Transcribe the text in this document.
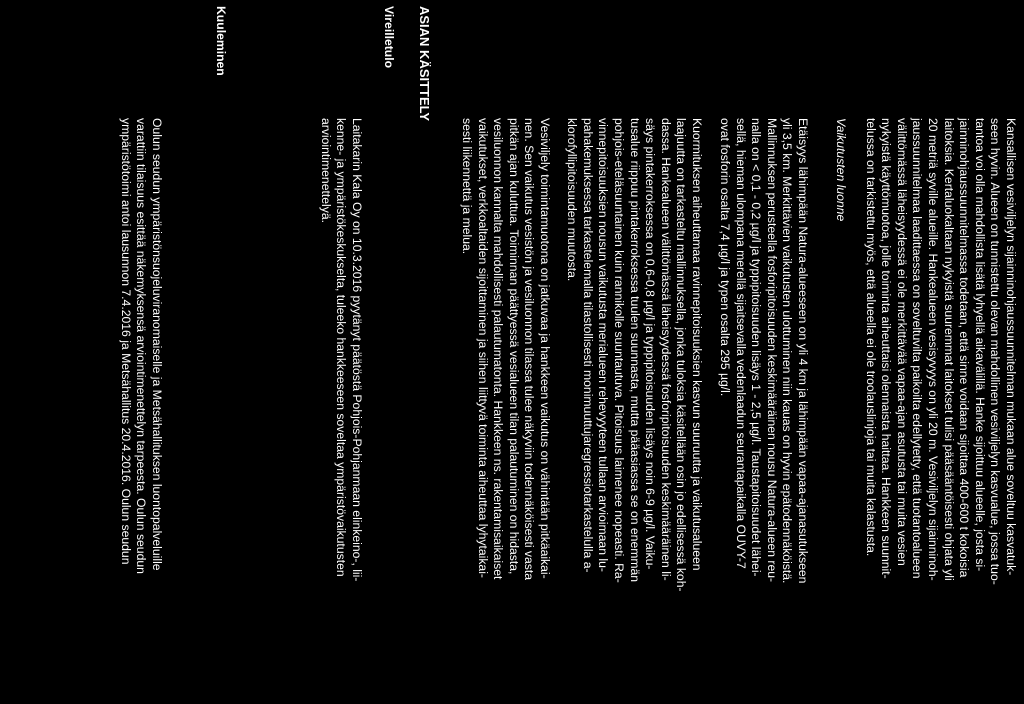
Kansallisen vesiviljelyn sijainninohjaussuunnitelman mukaan alue soveltuu kasvatuk-

seen hyvin. Alueen on tunnistettu olevan mahdollinen vesiviljelyn kasvualue, jossa tuo-

tantoa voi olla mahdollista lisätä lyhyellä aikavälillä. Hanke sijoittuu alueelle, josta si-

jainninohjaussuunnitelmassa todetaan, että sinne voidaan sijoittaa 400-600 t kokoisia

laitoksia. Kertaluokaltaan nykyistä suuremmat laitokset tulisi pääsääntöisesti ohjata yli

20 metriä syville alueille. Hankealueen vesisyvyys on yli 20 m. Vesiviljelyn sijainninoh-

jaussuunnitelmaa laadittaessa on soveltuvilta paikoilta edellytetty, että tuotantoalueen

välittömässä läheisyydessä ei ole merkittävää vapaa-ajan asutusta tai muita vesien

nykyistä käyttömuotoa, jolle toiminta aiheuttaisi olennaista haittaa. Hankkeen suunnit-

telussa on tarkistettu myös, että alueella ei ole troolauslinjoja tai muita kalastusta.

Vaikutusten luonne

Etäisyys lähimpään Natura-alueeseen on yli 4 km ja lähimpään vapaa-ajanasutukseen

yli 3,5 km. Merkittävien vaikutusten ulottuminen niin kauas on hyvin epätodennäköistä.

Mallinnuksen perusteella fosforipitoisuuden keskimääräinen nousu Natura-alueen reu-

nalla on < 0,1 - 0,2 µg/l ja typpipitoisuuden lisäys 1 - 2,5 µg/l. Taustapitoisuudet lähei-

sellä, hieman ulompana merellä sijaitsevalla vedenlaadun seurantapaikalla OUVY-7

ovat fosforin osalta 7,4 µg/l ja typen osalta 295 µg/l.

Kuormituksen aiheuttamaa ravinnepitoisuuksien kasvun suuruutta ja vaikutusalueen

laajuutta on tarkasteltu mallinnuksella, jonka tuloksia käsitellään osin jo edellisessä koh-

dassa. Hankealueen välittömässä läheisyydessä fosforipitoisuuden keskimääräinen li-

säys pintakerroksessa on 0,6-0,8 µg/l ja typpipitoisuuden lisäys noin 6-9 µg/l. Vaiku-

tusalue riippuu pintakerroksessa tuulen suunnasta, mutta pääasiassa se on enemmän

pohjois-eteläsuuntainen kuin rannikolle suuntautuva. Pitoisuus laimenee nopeasti. Ra-

vinnepitoisuuksien nousun vaikutusta merialueen rehevyyteen tullaan arvioimaan lu-

pahakemuksessa tarkastelemalla tilastollisesti monimuuttujaregressiotarkastelulla a-

klorofyllipitoisuuden muutosta.

Vesiviljely toimintamuotona on jatkuvaa ja hankkeen vaikutus on vähintään pitkäaikai-

nen. Sen vaikutus vesistön ja vesiluonnon tilassa tulee näkyviin todennäköisesti vasta

pitkän ajan kuluttua. Toiminnan päättyessä vesialueen tilan palautuminen on hidasta,

vesiluonnon kannalta mahdollisesti palautumatonta. Hankkeen ns. rakentamisaikaiset

vaikutukset, verkkoaltaiden sijoittaminen ja siihen liittyvä toiminta aiheuttaa lyhytaikai-

sesti liikennettä ja melua.

ASIAN KÄSITTELY
Vireilletulo

Laitakarin Kala Oy on 10.3.2016 pyytänyt päätöstä Pohjois-Pohjanmaan elinkeino-, lii-

kenne- ja ympäristökeskukselta, tuleeko hankkeeseen soveltaa ympäristövaikutusten

arviointimenettelyä.

Kuuleminen

Oulun seudun ympäristönsuojeluviranomaiselle ja Metsähallituksen luontopalveluille

varattiin tilaisuus esittää näkemyksensä arviointimenettelyn tarpeesta. Oulun seudun

ympäristötoimi antoi lausunnon 7.4.2016 ja Metsähallitus 20.4.2016. Oulun seudun
